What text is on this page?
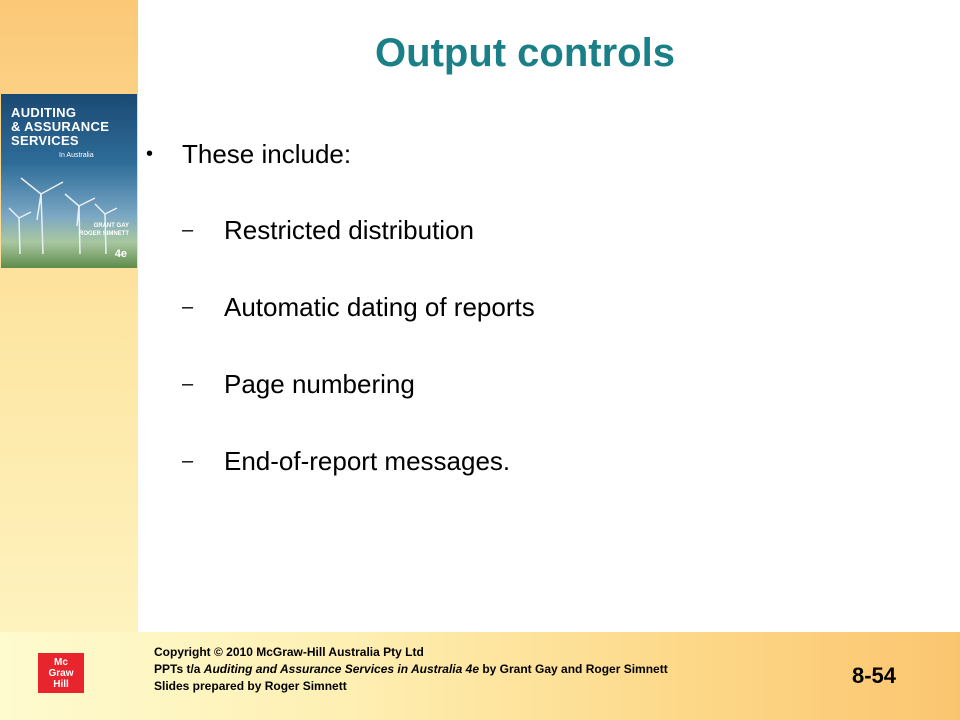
Output controls
AUDITING
& ASSURANCE
SERVICES
In Australia
GRANT GAY
ROGER SIMNETT
4e
• These include:
– Restricted distribution
– Automatic dating of reports
– Page numbering
– End-of-report messages.
Mc
Graw
Hill
Copyright © 2010 McGraw-Hill Australia Pty Ltd
PPTs t/a Auditing and Assurance Services in Australia 4e by Grant Gay and Roger Simnett
Slides prepared by Roger Simnett	8-54
